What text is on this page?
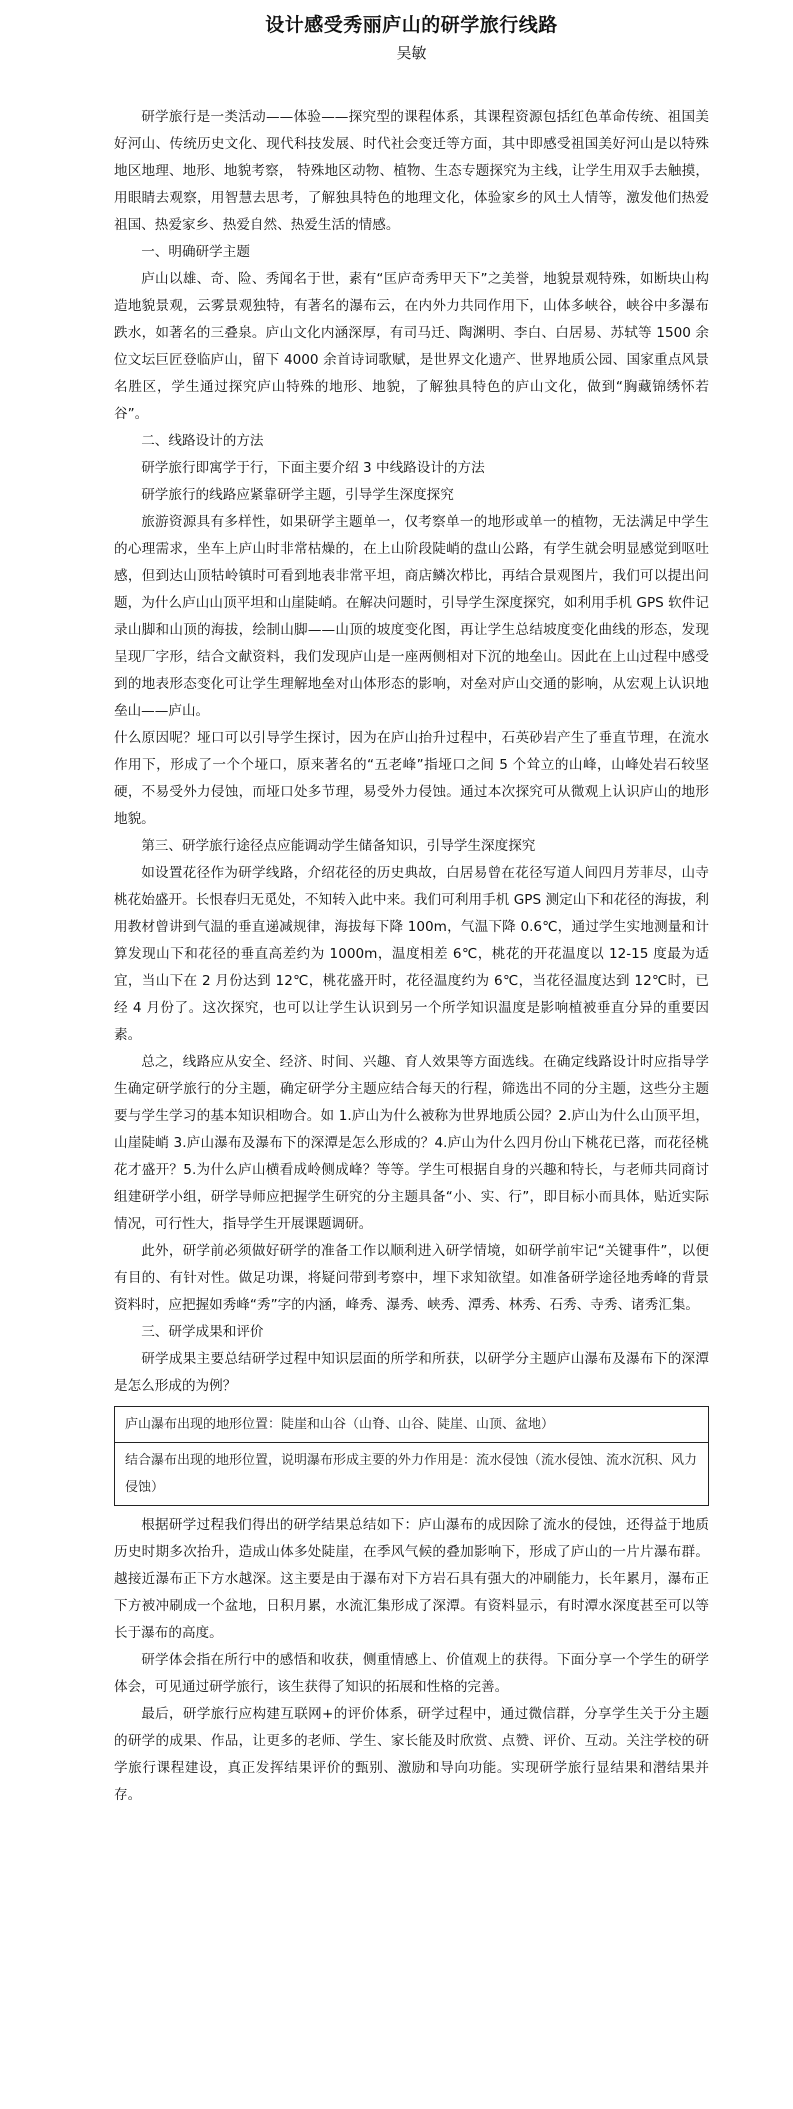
设计感受秀丽庐山的研学旅行线路
吴敏

研学旅行是一类活动——体验——探究型的课程体系，其课程资源包括红色革命传统、祖国美好河山、传统历史文化、现代科技发展、时代社会变迁等方面，其中即感受祖国美好河山是以特殊地区地理、地形、地貌考察， 特殊地区动物、植物、生态专题探究为主线，让学生用双手去触摸，用眼睛去观察，用智慧去思考，了解独具特色的地理文化，体验家乡的风土人情等，激发他们热爱祖国、热爱家乡、热爱自然、热爱生活的情感。

一、明确研学主题

庐山以雄、奇、险、秀闻名于世，素有“匡庐奇秀甲天下”之美誉，地貌景观特殊，如断块山构造地貌景观，云雾景观独特，有著名的瀑布云，在内外力共同作用下，山体多峡谷，峡谷中多瀑布跌水，如著名的三叠泉。庐山文化内涵深厚，有司马迁、陶渊明、李白、白居易、苏轼等 1500 余位文坛巨匠登临庐山，留下 4000 余首诗词歌赋，是世界文化遗产、世界地质公园、国家重点风景名胜区，学生通过探究庐山特殊的地形、地貌，了解独具特色的庐山文化，做到“胸藏锦绣怀若谷”。

二、线路设计的方法

研学旅行即寓学于行，下面主要介绍 3 中线路设计的方法

研学旅行的线路应紧靠研学主题，引导学生深度探究

旅游资源具有多样性，如果研学主题单一，仅考察单一的地形或单一的植物，无法满足中学生的心理需求，坐车上庐山时非常枯燥的，在上山阶段陡峭的盘山公路，有学生就会明显感觉到呕吐感，但到达山顶牯岭镇时可看到地表非常平坦，商店鳞次栉比，再结合景观图片，我们可以提出问题，为什么庐山山顶平坦和山崖陡峭。在解决问题时，引导学生深度探究，如利用手机 GPS 软件记录山脚和山顶的海拔，绘制山脚——山顶的坡度变化图，再让学生总结坡度变化曲线的形态，发现呈现厂字形，结合文献资料，我们发现庐山是一座两侧相对下沉的地垒山。因此在上山过程中感受到的地表形态变化可让学生理解地垒对山体形态的影响，对垒对庐山交通的影响，从宏观上认识地垒山——庐山。

什么原因呢？垭口可以引导学生探讨，因为在庐山抬升过程中，石英砂岩产生了垂直节理，在流水作用下，形成了一个个垭口，原来著名的“五老峰”指垭口之间 5 个耸立的山峰，山峰处岩石较坚硬，不易受外力侵蚀，而垭口处多节理，易受外力侵蚀。通过本次探究可从微观上认识庐山的地形地貌。

第三、研学旅行途径点应能调动学生储备知识，引导学生深度探究

如设置花径作为研学线路，介绍花径的历史典故，白居易曾在花径写道人间四月芳菲尽，山寺桃花始盛开。长恨春归无觅处，不知转入此中来。我们可利用手机 GPS 测定山下和花径的海拔，利用教材曾讲到气温的垂直递减规律，海拔每下降 100m，气温下降 0.6℃，通过学生实地测量和计算发现山下和花径的垂直高差约为 1000m，温度相差 6℃，桃花的开花温度以 12-15 度最为适宜，当山下在 2 月份达到 12℃，桃花盛开时，花径温度约为 6℃，当花径温度达到 12℃时，已经 4 月份了。这次探究，也可以让学生认识到另一个所学知识温度是影响植被垂直分异的重要因素。

总之，线路应从安全、经济、时间、兴趣、育人效果等方面选线。在确定线路设计时应指导学生确定研学旅行的分主题，确定研学分主题应结合每天的行程，筛选出不同的分主题，这些分主题要与学生学习的基本知识相吻合。如 1.庐山为什么被称为世界地质公园？2.庐山为什么山顶平坦，山崖陡峭 3.庐山瀑布及瀑布下的深潭是怎么形成的？4.庐山为什么四月份山下桃花已落，而花径桃花才盛开？5.为什么庐山横看成岭侧成峰？等等。学生可根据自身的兴趣和特长，与老师共同商讨组建研学小组，研学导师应把握学生研究的分主题具备“小、实、行”，即目标小而具体，贴近实际情况，可行性大，指导学生开展课题调研。

此外，研学前必须做好研学的准备工作以顺利进入研学情境，如研学前牢记“关键事件”，以便有目的、有针对性。做足功课，将疑问带到考察中，埋下求知欲望。如准备研学途径地秀峰的背景资料时，应把握如秀峰“秀”字的内涵，峰秀、瀑秀、峡秀、潭秀、林秀、石秀、寺秀、诸秀汇集。

三、研学成果和评价

研学成果主要总结研学过程中知识层面的所学和所获，以研学分主题庐山瀑布及瀑布下的深潭是怎么形成的为例？

庐山瀑布出现的地形位置：陡崖和山谷（山脊、山谷、陡崖、山顶、盆地）
结合瀑布出现的地形位置，说明瀑布形成主要的外力作用是：流水侵蚀（流水侵蚀、流水沉积、风力侵蚀）

根据研学过程我们得出的研学结果总结如下：庐山瀑布的成因除了流水的侵蚀，还得益于地质历史时期多次抬升，造成山体多处陡崖，在季风气候的叠加影响下，形成了庐山的一片片瀑布群。越接近瀑布正下方水越深。这主要是由于瀑布对下方岩石具有强大的冲刷能力，长年累月，瀑布正下方被冲刷成一个盆地，日积月累，水流汇集形成了深潭。有资料显示，有时潭水深度甚至可以等长于瀑布的高度。

研学体会指在所行中的感悟和收获，侧重情感上、价值观上的获得。下面分享一个学生的研学体会，可见通过研学旅行，该生获得了知识的拓展和性格的完善。

最后，研学旅行应构建互联网+的评价体系，研学过程中，通过微信群，分享学生关于分主题的研学的成果、作品，让更多的老师、学生、家长能及时欣赏、点赞、评价、互动。关注学校的研学旅行课程建设，真正发挥结果评价的甄别、激励和导向功能。实现研学旅行显结果和潜结果并存。
